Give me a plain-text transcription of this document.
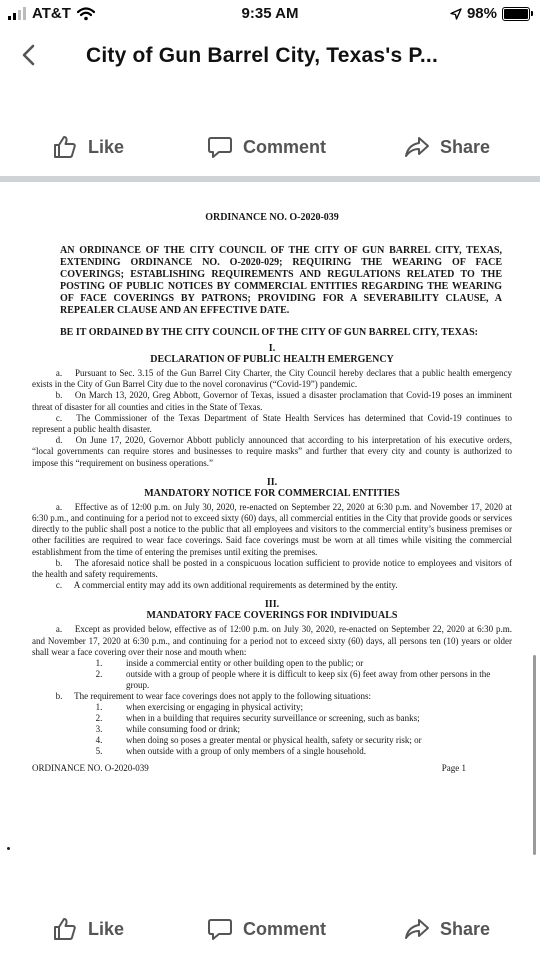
AT&T	9:35 AM	98%
City of Gun Barrel City, Texas's P...
Like	Comment	Share
ORDINANCE NO. O-2020-039
AN ORDINANCE OF THE CITY COUNCIL OF THE CITY OF GUN BARREL CITY, TEXAS, EXTENDING ORDINANCE NO. O-2020-029; REQUIRING THE WEARING OF FACE COVERINGS; ESTABLISHING REQUIREMENTS AND REGULATIONS RELATED TO THE POSTING OF PUBLIC NOTICES BY COMMERCIAL ENTITIES REGARDING THE WEARING OF FACE COVERINGS BY PATRONS; PROVIDING FOR A SEVERABILITY CLAUSE, A REPEALER CLAUSE AND AN EFFECTIVE DATE.
BE IT ORDAINED BY THE CITY COUNCIL OF THE CITY OF GUN BARREL CITY, TEXAS:
I.
DECLARATION OF PUBLIC HEALTH EMERGENCY
a. Pursuant to Sec. 3.15 of the Gun Barrel City Charter, the City Council hereby declares that a public health emergency exists in the City of Gun Barrel City due to the novel coronavirus (“Covid-19”) pandemic.
b. On March 13, 2020, Greg Abbott, Governor of Texas, issued a disaster proclamation that Covid-19 poses an imminent threat of disaster for all counties and cities in the State of Texas.
c. The Commissioner of the Texas Department of State Health Services has determined that Covid-19 continues to represent a public health disaster.
d. On June 17, 2020, Governor Abbott publicly announced that according to his interpretation of his executive orders, “local governments can require stores and businesses to require masks” and further that every city and county is authorized to impose this “requirement on business operations.”
II.
MANDATORY NOTICE FOR COMMERCIAL ENTITIES
a. Effective as of 12:00 p.m. on July 30, 2020, re-enacted on September 22, 2020 at 6:30 p.m. and November 17, 2020 at 6:30 p.m., and continuing for a period not to exceed sixty (60) days, all commercial entities in the City that provide goods or services directly to the public shall post a notice to the public that all employees and visitors to the commercial entity’s business premises or other facilities are required to wear face coverings. Said face coverings must be worn at all times while visiting the commercial establishment from the time of entering the premises until exiting the premises.
b. The aforesaid notice shall be posted in a conspicuous location sufficient to provide notice to employees and visitors of the health and safety requirements.
c. A commercial entity may add its own additional requirements as determined by the entity.
III.
MANDATORY FACE COVERINGS FOR INDIVIDUALS
a. Except as provided below, effective as of 12:00 p.m. on July 30, 2020, re-enacted on September 22, 2020 at 6:30 p.m. and November 17, 2020 at 6:30 p.m., and continuing for a period not to exceed sixty (60) days, all persons ten (10) years or older shall wear a face covering over their nose and mouth when:
1.	inside a commercial entity or other building open to the public; or
2.	outside with a group of people where it is difficult to keep six (6) feet away from other persons in the group.
b. The requirement to wear face coverings does not apply to the following situations:
1.	when exercising or engaging in physical activity;
2.	when in a building that requires security surveillance or screening, such as banks;
3.	while consuming food or drink;
4.	when doing so poses a greater mental or physical health, safety or security risk; or
5.	when outside with a group of only members of a single household.
ORDINANCE NO. O-2020-039	Page 1
Like	Comment	Share
